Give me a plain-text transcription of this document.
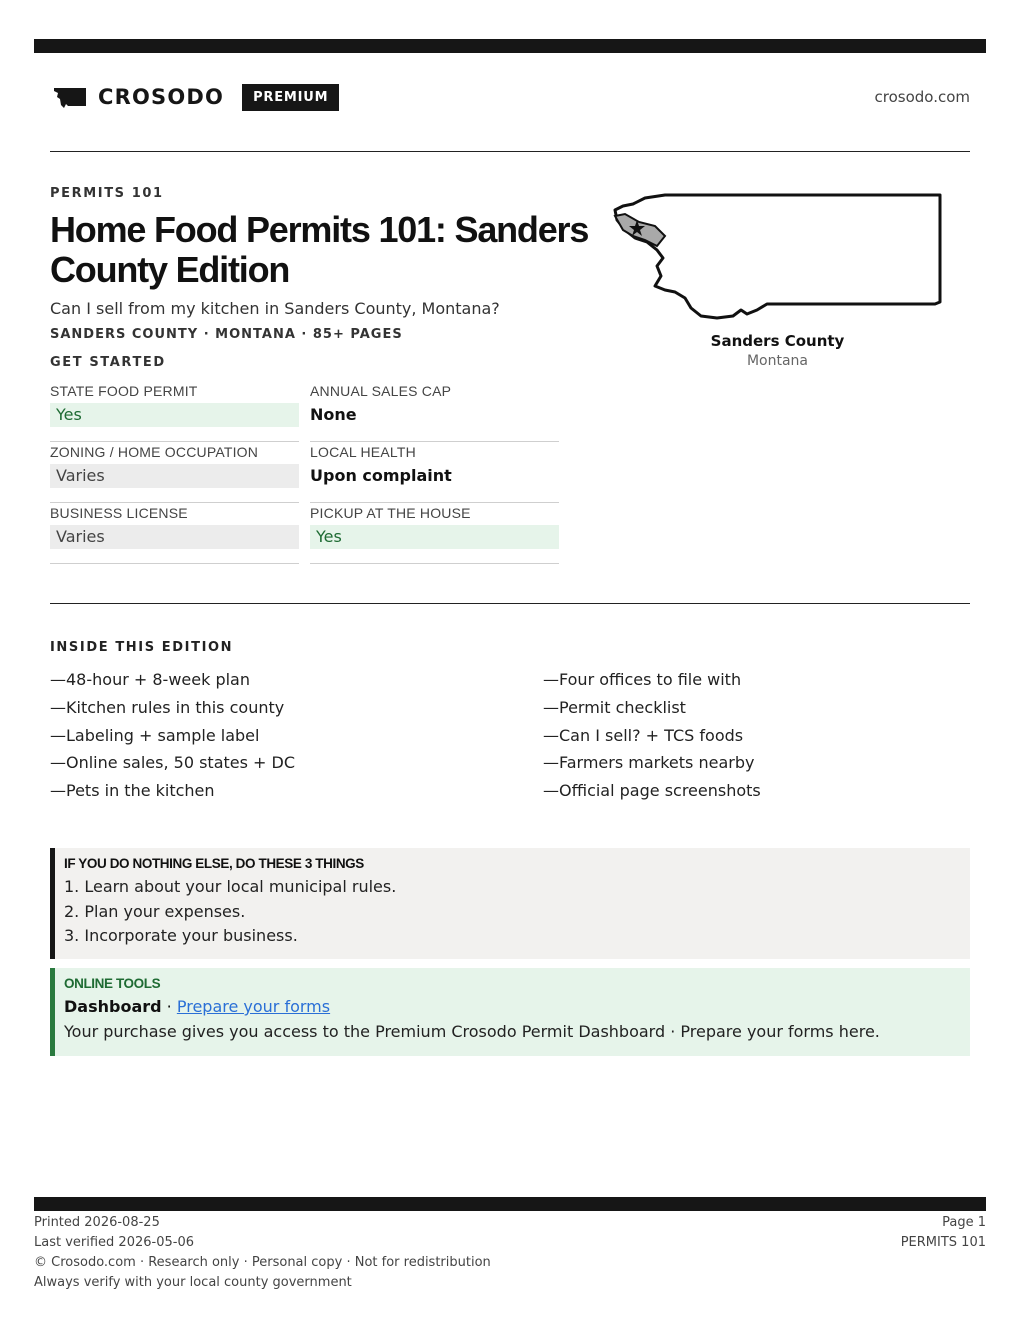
CROSODO	PREMIUM	crosodo.com
PERMITS 101
Home Food Permits 101: Sanders County Edition
Can I sell from my kitchen in Sanders County, Montana?
SANDERS COUNTY · MONTANA · 85+ PAGES
GET STARTED
STATE FOOD PERMIT
Yes
ANNUAL SALES CAP
None
ZONING / HOME OCCUPATION
Varies
LOCAL HEALTH
Upon complaint
BUSINESS LICENSE
Varies
PICKUP AT THE HOUSE
Yes
Sanders County
Montana
INSIDE THIS EDITION
—48-hour + 8-week plan
—Kitchen rules in this county
—Labeling + sample label
—Online sales, 50 states + DC
—Pets in the kitchen
—Four offices to file with
—Permit checklist
—Can I sell? + TCS foods
—Farmers markets nearby
—Official page screenshots
IF YOU DO NOTHING ELSE, DO THESE 3 THINGS
1. Learn about your local municipal rules.
2. Plan your expenses.
3. Incorporate your business.
ONLINE TOOLS
Dashboard · Prepare your forms
Your purchase gives you access to the Premium Crosodo Permit Dashboard · Prepare your forms here.
Printed 2026-08-25
Last verified 2026-05-06
© Crosodo.com · Research only · Personal copy · Not for redistribution
Always verify with your local county government
Page 1
PERMITS 101
